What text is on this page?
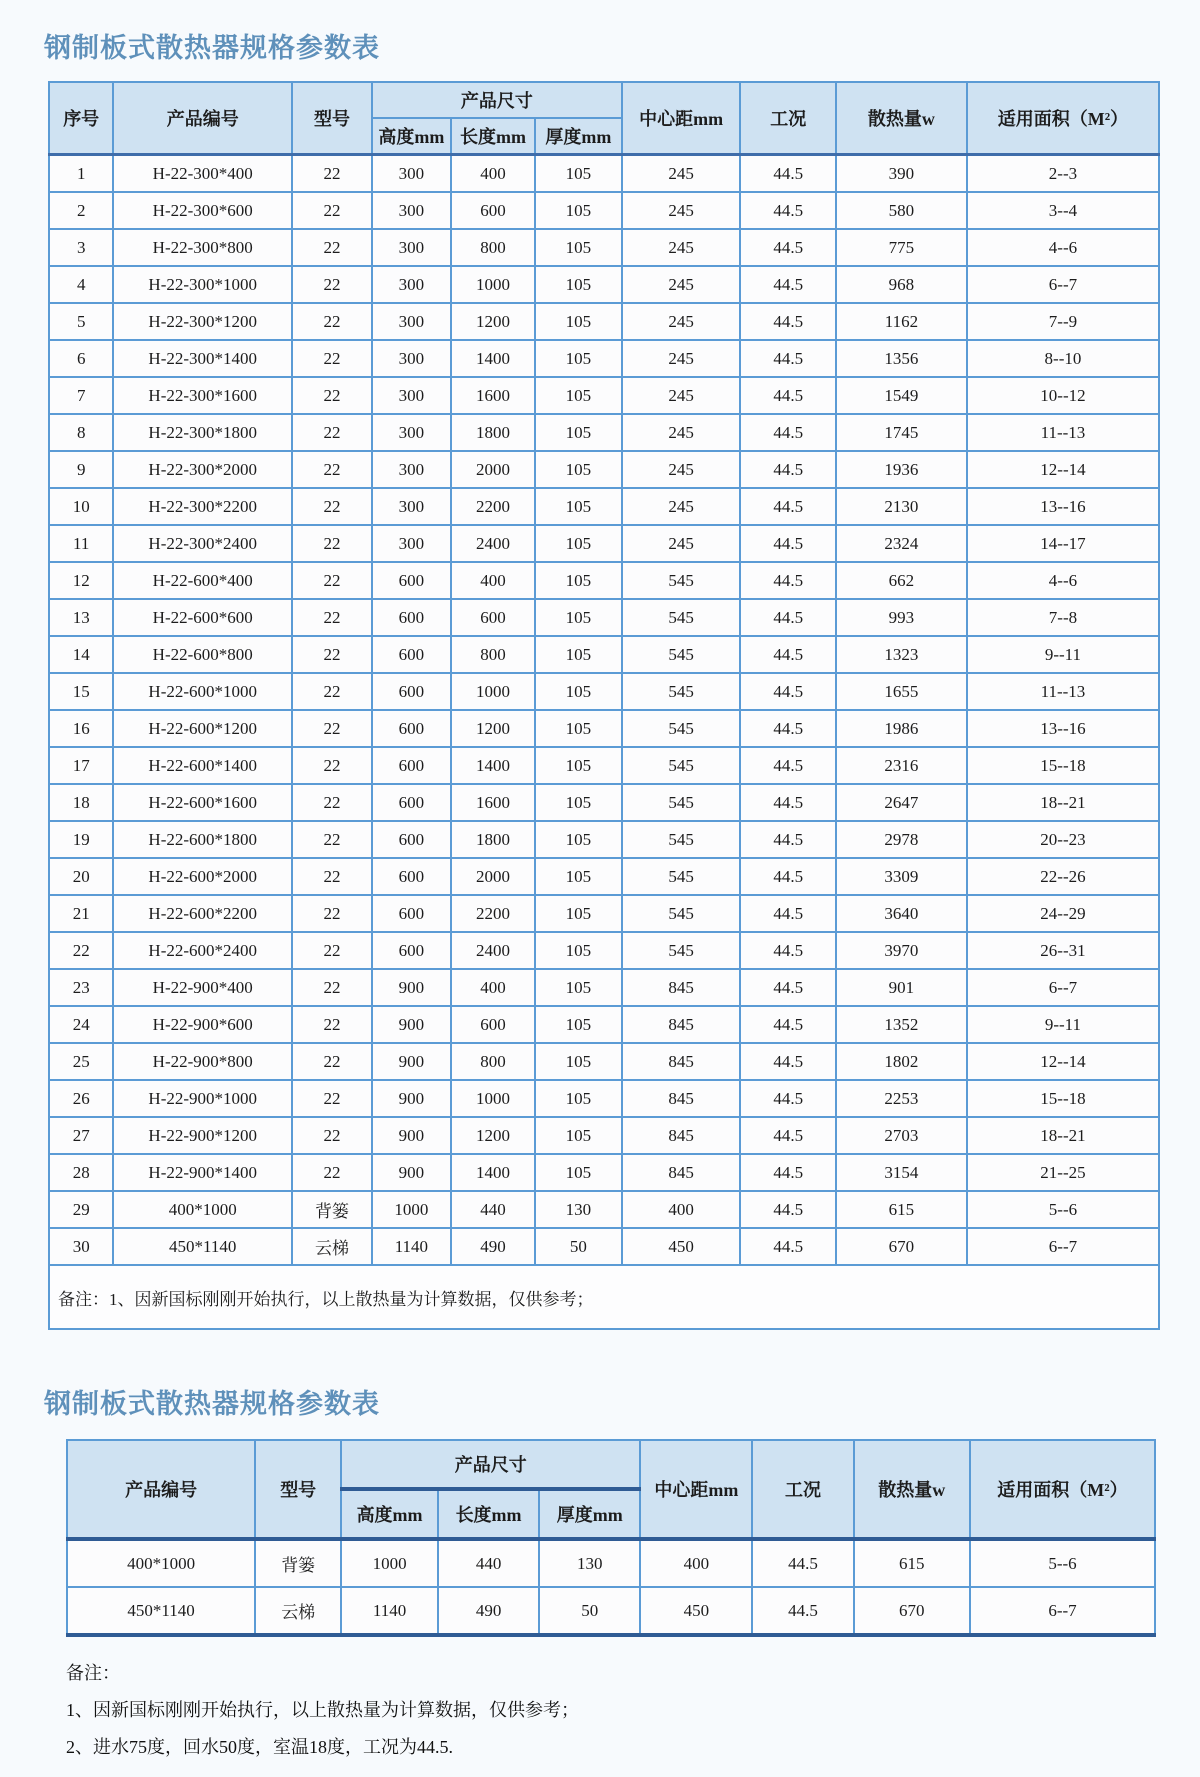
钢制板式散热器规格参数表
序号	产品编号	型号	产品尺寸			中心距mm	工况	散热量w	适用面积（M²）
			高度mm	长度mm	厚度mm				
1	H-22-300*400	22	300	400	105	245	44.5	390	2--3
2	H-22-300*600	22	300	600	105	245	44.5	580	3--4
3	H-22-300*800	22	300	800	105	245	44.5	775	4--6
4	H-22-300*1000	22	300	1000	105	245	44.5	968	6--7
5	H-22-300*1200	22	300	1200	105	245	44.5	1162	7--9
6	H-22-300*1400	22	300	1400	105	245	44.5	1356	8--10
7	H-22-300*1600	22	300	1600	105	245	44.5	1549	10--12
8	H-22-300*1800	22	300	1800	105	245	44.5	1745	11--13
9	H-22-300*2000	22	300	2000	105	245	44.5	1936	12--14
10	H-22-300*2200	22	300	2200	105	245	44.5	2130	13--16
11	H-22-300*2400	22	300	2400	105	245	44.5	2324	14--17
12	H-22-600*400	22	600	400	105	545	44.5	662	4--6
13	H-22-600*600	22	600	600	105	545	44.5	993	7--8
14	H-22-600*800	22	600	800	105	545	44.5	1323	9--11
15	H-22-600*1000	22	600	1000	105	545	44.5	1655	11--13
16	H-22-600*1200	22	600	1200	105	545	44.5	1986	13--16
17	H-22-600*1400	22	600	1400	105	545	44.5	2316	15--18
18	H-22-600*1600	22	600	1600	105	545	44.5	2647	18--21
19	H-22-600*1800	22	600	1800	105	545	44.5	2978	20--23
20	H-22-600*2000	22	600	2000	105	545	44.5	3309	22--26
21	H-22-600*2200	22	600	2200	105	545	44.5	3640	24--29
22	H-22-600*2400	22	600	2400	105	545	44.5	3970	26--31
23	H-22-900*400	22	900	400	105	845	44.5	901	6--7
24	H-22-900*600	22	900	600	105	845	44.5	1352	9--11
25	H-22-900*800	22	900	800	105	845	44.5	1802	12--14
26	H-22-900*1000	22	900	1000	105	845	44.5	2253	15--18
27	H-22-900*1200	22	900	1200	105	845	44.5	2703	18--21
28	H-22-900*1400	22	900	1400	105	845	44.5	3154	21--25
29	400*1000	背篓	1000	440	130	400	44.5	615	5--6
30	450*1140	云梯	1140	490	50	450	44.5	670	6--7
备注：1、因新国标刚刚开始执行，以上散热量为计算数据，仅供参考；									
钢制板式散热器规格参数表
产品编号	型号	产品尺寸			中心距mm	工况	散热量w	适用面积（M²）
		高度mm	长度mm	厚度mm				
400*1000	背篓	1000	440	130	400	44.5	615	5--6
450*1140	云梯	1140	490	50	450	44.5	670	6--7

备注：

1、因新国标刚刚开始执行，以上散热量为计算数据，仅供参考；

2、进水75度，回水50度，室温18度，工况为44.5.
